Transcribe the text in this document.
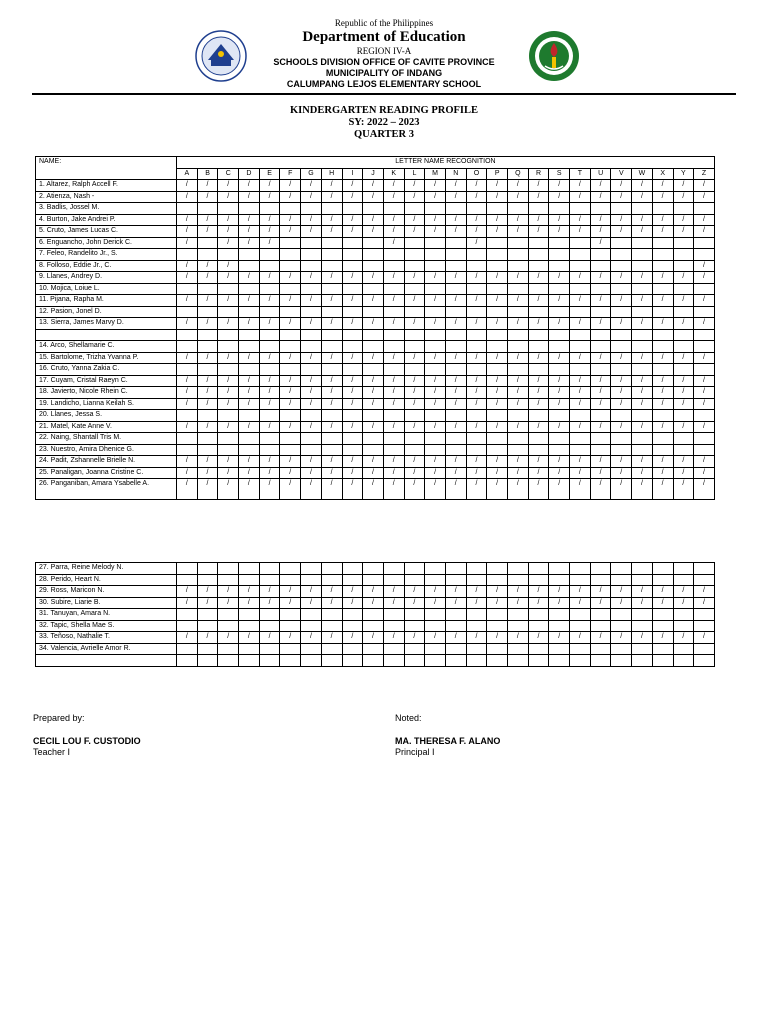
Republic of the Philippines
Department of Education
REGION IV-A
SCHOOLS DIVISION OFFICE OF CAVITE PROVINCE
MUNICIPALITY OF INDANG
CALUMPANG LEJOS ELEMENTARY SCHOOL
KINDERGARTEN READING PROFILE
SY: 2022 – 2023
QUARTER 3
NAME:	LETTER NAME RECOGNITION																									
	A	B	C	D	E	F	G	H	I	J	K	L	M	N	O	P	Q	R	S	T	U	V	W	X	Y	Z
1. Altarez, Ralph Accell F.	/	/	/	/	/	/	/	/	/	/	/	/	/	/	/	/	/	/	/	/	/	/	/	/	/	/
2. Atienza, Nash -	/	/	/	/	/	/	/	/	/	/	/	/	/	/	/	/	/	/	/	/	/	/	/	/	/	/
3. Badlis, Jossel M.																										
4. Burton, Jake Andrei P.	/	/	/	/	/	/	/	/	/	/	/	/	/	/	/	/	/	/	/	/	/	/	/	/	/	/
5. Cruto, James Lucas C.	/	/	/	/	/	/	/	/	/	/	/	/	/	/	/	/	/	/	/	/	/	/	/	/	/	/
6. Enguancho, John Derick C.	/		/	/	/						/				/						/					
7. Feleo, Randelito Jr., S.																										
8. Folloso, Eddie Jr., C.	/	/	/																							/
9. Llanes, Andrey D.	/	/	/	/	/	/	/	/	/	/	/	/	/	/	/	/	/	/	/	/	/	/	/	/	/	/
10. Mojica, Loiue L.																										
11. Pijana, Rapha M.	/	/	/	/	/	/	/	/	/	/	/	/	/	/	/	/	/	/	/	/	/	/	/	/	/	/
12. Pasion, Jonel D.																										
13. Sierra, James Marvy D.	/	/	/	/	/	/	/	/	/	/	/	/	/	/	/	/	/	/	/	/	/	/	/	/	/	/

14. Arco, Shellamarie C.																										
15. Bartolome, Trizha Yvanna P.	/	/	/	/	/	/	/	/	/	/	/	/	/	/	/	/	/	/	/	/	/	/	/	/	/	/
16. Cruto, Yanna Zakia C.																										
17. Cuyam, Cristal Raeyn C.	/	/	/	/	/	/	/	/	/	/	/	/	/	/	/	/	/	/	/	/	/	/	/	/	/	/
18. Javierto, Nicole Rhein C.	/	/	/	/	/	/	/	/	/	/	/	/	/	/	/	/	/	/	/	/	/	/	/	/	/	/
19. Landicho, Lianna Keilah S.	/	/	/	/	/	/	/	/	/	/	/	/	/	/	/	/	/	/	/	/	/	/	/	/	/	/
20. Llanes, Jessa S.																										
21. Matel, Kate Anne V.	/	/	/	/	/	/	/	/	/	/	/	/	/	/	/	/	/	/	/	/	/	/	/	/	/	/
22. Naing, Shantall Tris M.																										
23. Nuestro, Amira Dhenice G.																										
24. Padit, Zshannelle Brielle N.	/	/	/	/	/	/	/	/	/	/	/	/	/	/	/	/	/	/	/	/	/	/	/	/	/	/
25. Panaligan, Joanna Cristine C.	/	/	/	/	/	/	/	/	/	/	/	/	/	/	/	/	/	/	/	/	/	/	/	/	/	/
26. Panganiban, Amara Ysabelle A.	/	/	/	/	/	/	/	/	/	/	/	/	/	/	/	/	/	/	/	/	/	/	/	/	/	/
27. Parra, Reine Melody N.																										
28. Perido, Heart N.																										
29. Ross, Maricon N.	/	/	/	/	/	/	/	/	/	/	/	/	/	/	/	/	/	/	/	/	/	/	/	/	/	/
30. Subire, Liarie B.	/	/	/	/	/	/	/	/	/	/	/	/	/	/	/	/	/	/	/	/	/	/	/	/	/	/
31. Tanuyan, Amara N.																										
32. Tapic, Shella Mae S.																										
33. Teñoso, Nathalie T.	/	/	/	/	/	/	/	/	/	/	/	/	/	/	/	/	/	/	/	/	/	/	/	/	/	/
34. Valencia, Avrielle Amor R.																										

Prepared by:
CECIL LOU F. CUSTODIO
Teacher I
Noted:
MA. THERESA F. ALANO
Principal I
